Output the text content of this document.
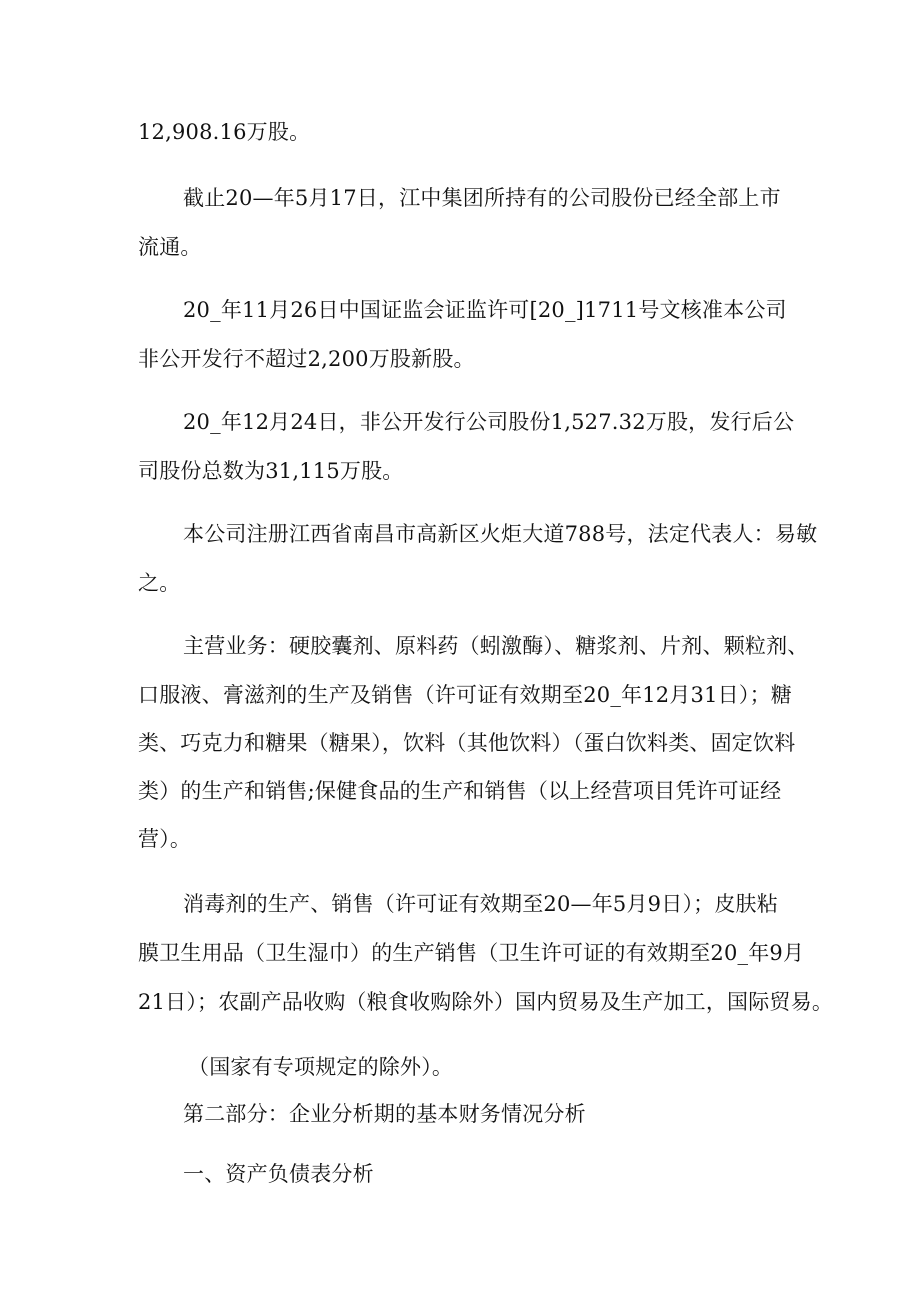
12,908.16万股。
截止20—年5月17日，江中集团所持有的公司股份已经全部上市
流通。
20_年11月26日中国证监会证监许可[20_]1711号文核准本公司
非公开发行不超过2,200万股新股。
20_年12月24日，非公开发行公司股份1,527.32万股，发行后公
司股份总数为31,115万股。
本公司注册江西省南昌市高新区火炬大道788号，法定代表人：易敏
之。
主营业务：硬胶囊剂、原料药（蚓激酶）、糖浆剂、片剂、颗粒剂、
口服液、膏滋剂的生产及销售（许可证有效期至20_年12月31日）；糖
类、巧克力和糖果（糖果），饮料（其他饮料）（蛋白饮料类、固定饮料
类）的生产和销售;保健食品的生产和销售（以上经营项目凭许可证经
营）。
消毒剂的生产、销售（许可证有效期至20—年5月9日）；皮肤粘
膜卫生用品（卫生湿巾）的生产销售（卫生许可证的有效期至20_年9月
21日）；农副产品收购（粮食收购除外）国内贸易及生产加工，国际贸易。
（国家有专项规定的除外）。
第二部分：企业分析期的基本财务情况分析
一、资产负债表分析
